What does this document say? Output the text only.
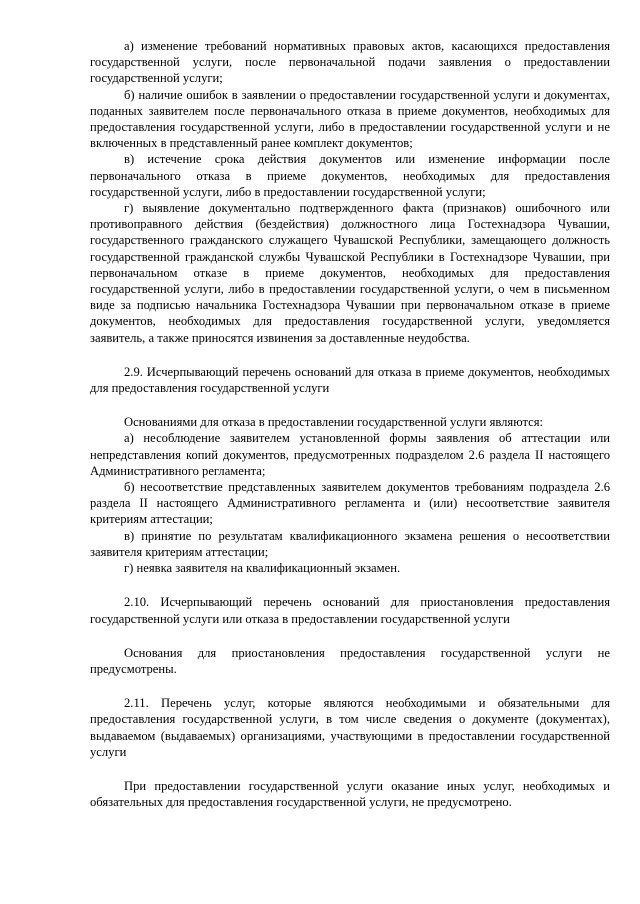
а) изменение требований нормативных правовых актов, касающихся предоставления государственной услуги, после первоначальной подачи заявления о предоставлении государственной услуги;

б) наличие ошибок в заявлении о предоставлении государственной услуги и документах, поданных заявителем после первоначального отказа в приеме документов, необходимых для предоставления государственной услуги, либо в предоставлении государственной услуги и не включенных в представленный ранее комплект документов;

в) истечение срока действия документов или изменение информации после первоначального отказа в приеме документов, необходимых для предоставления государственной услуги, либо в предоставлении государственной услуги;

г) выявление документально подтвержденного факта (признаков) ошибочного или противоправного действия (бездействия) должностного лица Гостехнадзора Чувашии, государственного гражданского служащего Чувашской Республики, замещающего должность государственной гражданской службы Чувашской Республики в Гостехнадзоре Чувашии, при первоначальном отказе в приеме документов, необходимых для предоставления государственной услуги, либо в предоставлении государственной услуги, о чем в письменном виде за подписью начальника Гостехнадзора Чувашии при первоначальном отказе в приеме документов, необходимых для предоставления государственной услуги, уведомляется заявитель, а также приносятся извинения за доставленные неудобства.

2.9. Исчерпывающий перечень оснований для отказа в приеме документов, необходимых для предоставления государственной услуги

Основаниями для отказа в предоставлении государственной услуги являются:

а) несоблюдение заявителем установленной формы заявления об аттестации или непредставления копий документов, предусмотренных подразделом 2.6 раздела II настоящего Административного регламента;

б) несоответствие представленных заявителем документов требованиям подраздела 2.6 раздела II настоящего Административного регламента и (или) несоответствие заявителя критериям аттестации;

в) принятие по результатам квалификационного экзамена решения о несоответствии заявителя критериям аттестации;

г) неявка заявителя на квалификационный экзамен.

2.10. Исчерпывающий перечень оснований для приостановления предоставления государственной услуги или отказа в предоставлении государственной услуги

Основания для приостановления предоставления государственной услуги не предусмотрены.

2.11. Перечень услуг, которые являются необходимыми и обязательными для предоставления государственной услуги, в том числе сведения о документе (документах), выдаваемом (выдаваемых) организациями, участвующими в предоставлении государственной услуги

При предоставлении государственной услуги оказание иных услуг, необходимых и обязательных для предоставления государственной услуги, не предусмотрено.
